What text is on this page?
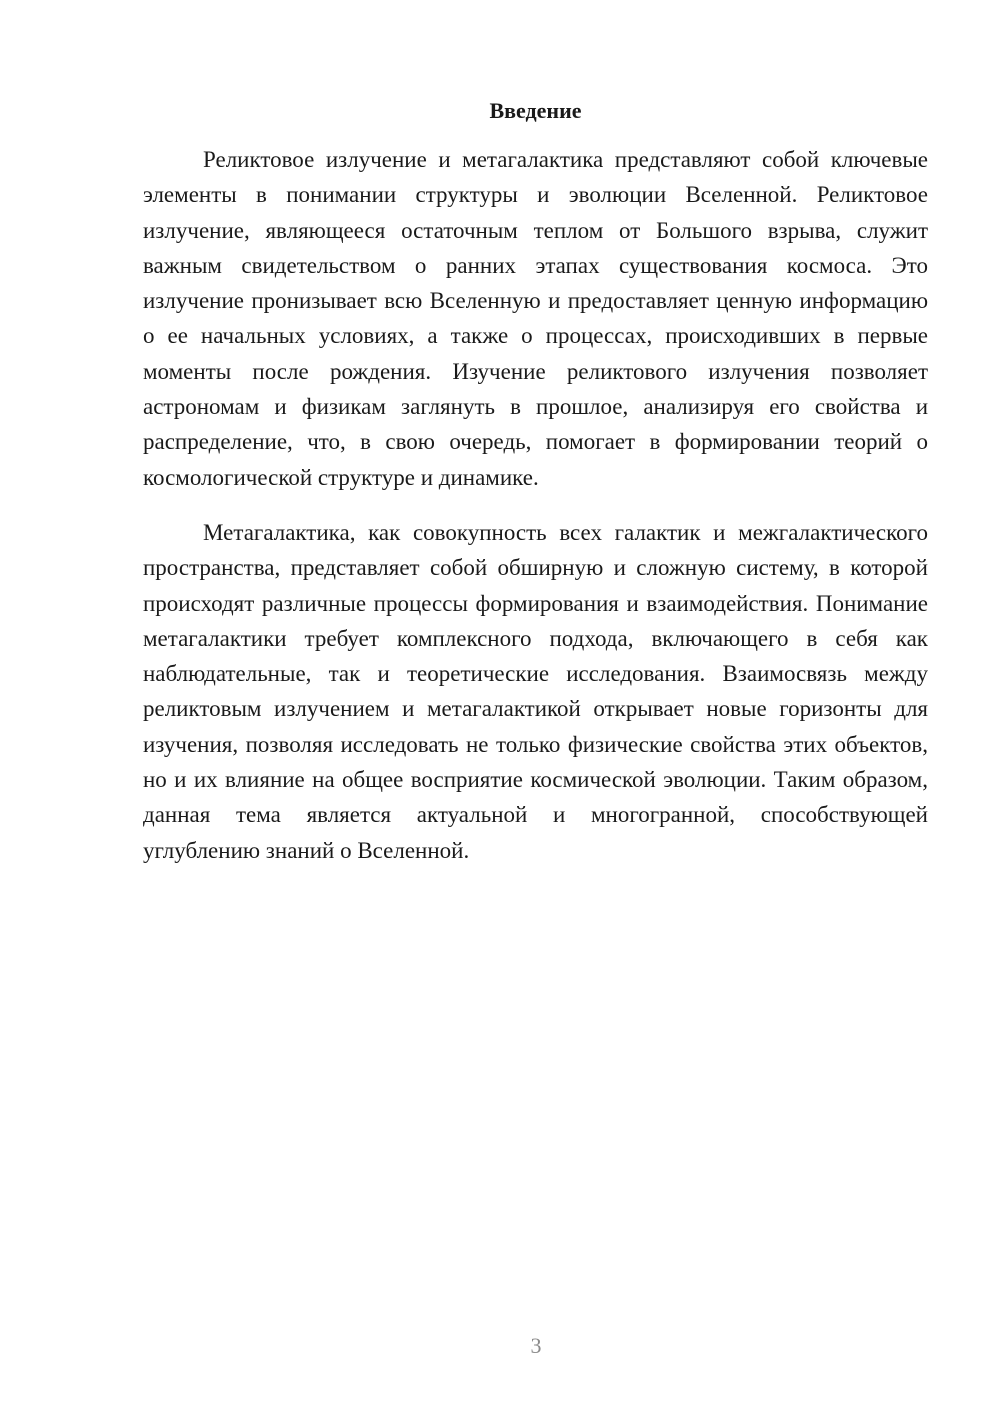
Введение

Реликтовое излучение и метагалактика представляют собой ключевые элементы в понимании структуры и эволюции Вселенной. Реликтовое излучение, являющееся остаточным теплом от Большого взрыва, служит важным свидетельством о ранних этапах существования космоса. Это излучение пронизывает всю Вселенную и предоставляет ценную информацию о ее начальных условиях, а также о процессах, происходивших в первые моменты после рождения. Изучение реликтового излучения позволяет астрономам и физикам заглянуть в прошлое, анализируя его свойства и распределение, что, в свою очередь, помогает в формировании теорий о космологической структуре и динамике.

Метагалактика, как совокупность всех галактик и межгалактического пространства, представляет собой обширную и сложную систему, в которой происходят различные процессы формирования и взаимодействия. Понимание метагалактики требует комплексного подхода, включающего в себя как наблюдательные, так и теоретические исследования. Взаимосвязь между реликтовым излучением и метагалактикой открывает новые горизонты для изучения, позволяя исследовать не только физические свойства этих объектов, но и их влияние на общее восприятие космической эволюции. Таким образом, данная тема является актуальной и многогранной, способствующей углублению знаний о Вселенной.

3
